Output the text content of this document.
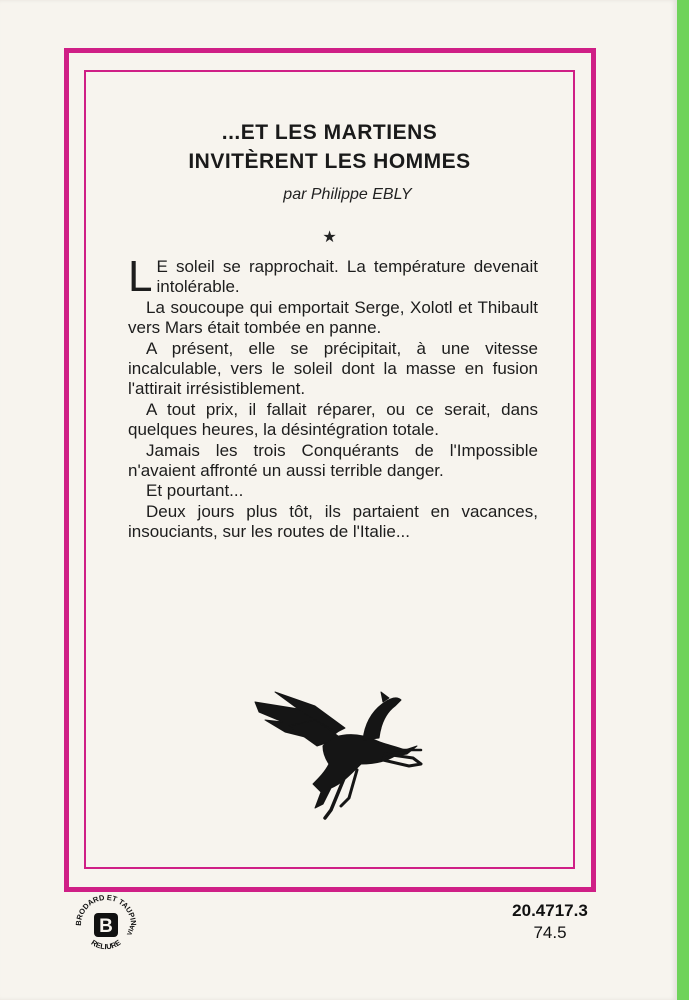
...ET LES MARTIENS
INVITÈRENT LES HOMMES
par Philippe EBLY
★

L E soleil se rapprochait. La température devenait intolérable.

La soucoupe qui emportait Serge, Xolotl et Thibault vers Mars était tombée en panne.

A présent, elle se précipitait, à une vitesse incalculable, vers le soleil dont la masse en fusion l'attirait irrésistiblement.

A tout prix, il fallait réparer, ou ce serait, dans quelques heures, la désintégration totale.

Jamais les trois Conquérants de l'Impossible n'avaient affronté un aussi terrible danger.

Et pourtant...

Deux jours plus tôt, ils partaient en vacances, insouciants, sur les routes de l'Italie...

BRODARD ET TAUPIN
RELIURE
VIA
B
20.4717.3
74.5
